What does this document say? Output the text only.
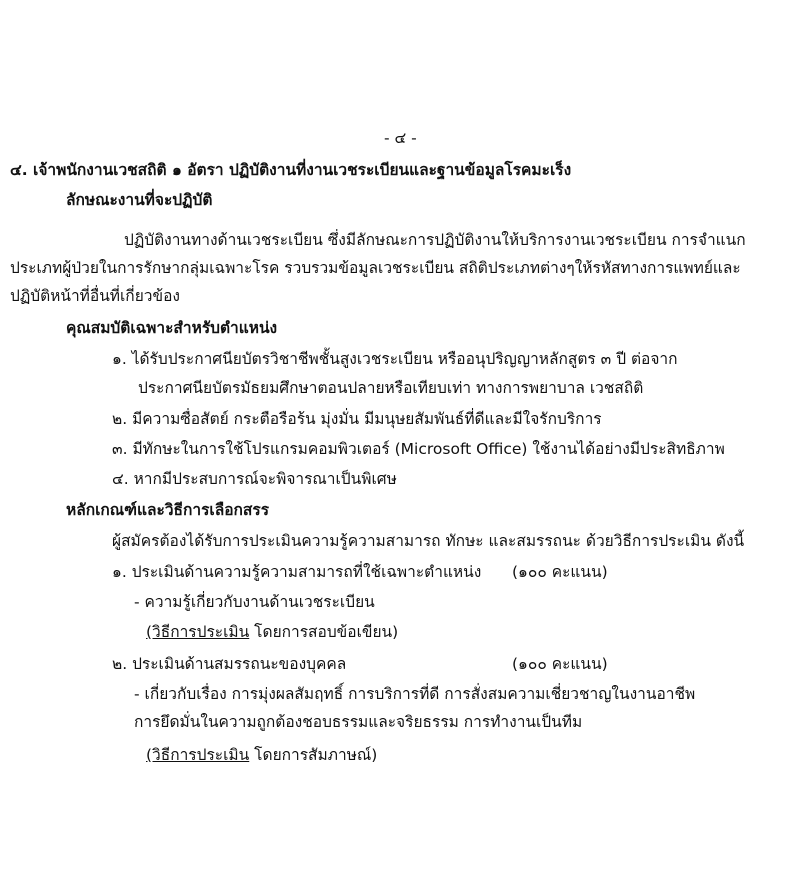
- ๔ -
๔. เจ้าพนักงานเวชสถิติ ๑ อัตรา ปฏิบัติงานที่งานเวชระเบียนและฐานข้อมูลโรคมะเร็ง
ลักษณะงานที่จะปฏิบัติ
ปฏิบัติงานทางด้านเวชระเบียน ซึ่งมีลักษณะการปฏิบัติงานให้บริการงานเวชระเบียน การจำแนก
ประเภทผู้ป่วยในการรักษากลุ่มเฉพาะโรค รวบรวมข้อมูลเวชระเบียน สถิติประเภทต่างๆให้รหัสทางการแพทย์และ
ปฏิบัติหน้าที่อื่นที่เกี่ยวข้อง
คุณสมบัติเฉพาะสำหรับตำแหน่ง
๑. ได้รับประกาศนียบัตรวิชาชีพชั้นสูงเวชระเบียน หรืออนุปริญญาหลักสูตร ๓ ปี ต่อจาก
ประกาศนียบัตรมัธยมศึกษาตอนปลายหรือเทียบเท่า ทางการพยาบาล เวชสถิติ
๒. มีความซื่อสัตย์ กระตือรือร้น มุ่งมั่น มีมนุษยสัมพันธ์ที่ดีและมีใจรักบริการ
๓. มีทักษะในการใช้โปรแกรมคอมพิวเตอร์ (Microsoft Office) ใช้งานได้อย่างมีประสิทธิภาพ
๔. หากมีประสบการณ์จะพิจารณาเป็นพิเศษ
หลักเกณฑ์และวิธีการเลือกสรร
ผู้สมัครต้องได้รับการประเมินความรู้ความสามารถ ทักษะ และสมรรถนะ ด้วยวิธีการประเมิน ดังนี้
๑. ประเมินด้านความรู้ความสามารถที่ใช้เฉพาะตำแหน่ง (๑๐๐ คะแนน)
- ความรู้เกี่ยวกับงานด้านเวชระเบียน
(วิธีการประเมิน โดยการสอบข้อเขียน)
๒. ประเมินด้านสมรรถนะของบุคคล	(๑๐๐ คะแนน)
- เกี่ยวกับเรื่อง การมุ่งผลสัมฤทธิ์ การบริการที่ดี การสั่งสมความเชี่ยวชาญในงานอาชีพ
การยึดมั่นในความถูกต้องชอบธรรมและจริยธรรม การทำงานเป็นทีม
(วิธีการประเมิน โดยการสัมภาษณ์)
